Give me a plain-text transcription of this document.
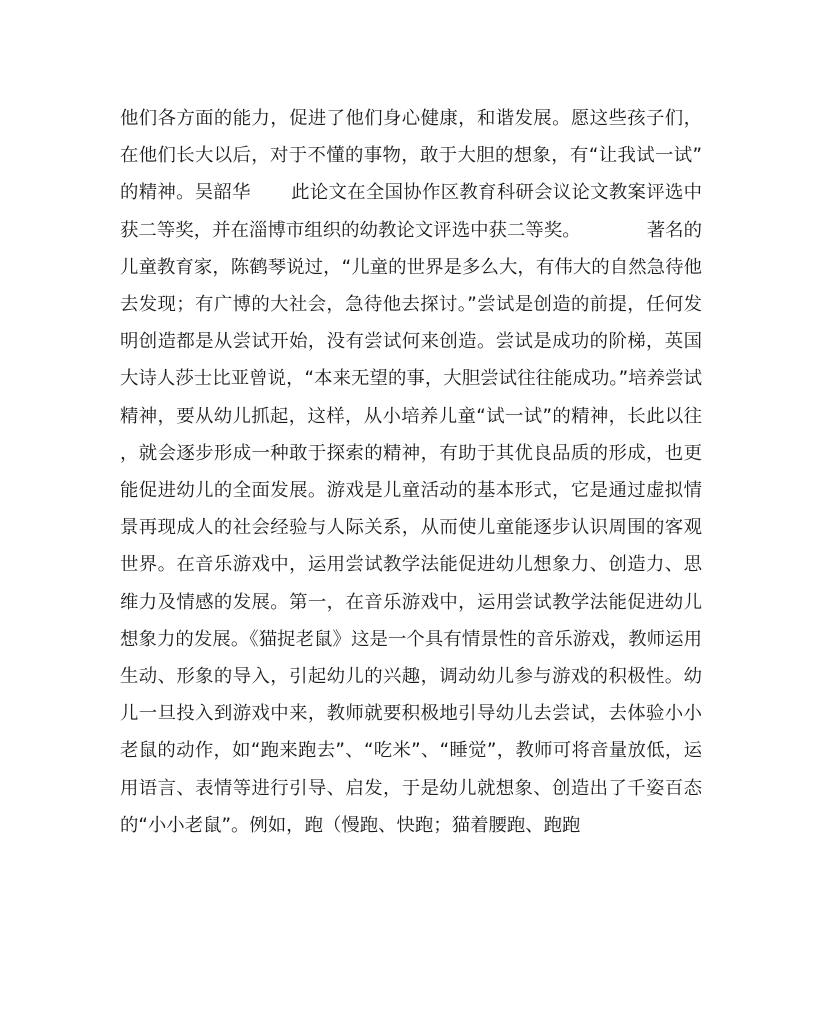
他们各方面的能力，促进了他们身心健康，和谐发展。愿这些孩子们，在他们长大以后，对于不懂的事物，敢于大胆的想象，有“让我试一试”的精神。吴韶华 此论文在全国协作区教育科研会议论文教案评选中获二等奖，并在淄博市组织的幼教论文评选中获二等奖。	著名的儿童教育家，陈鹤琴说过，“儿童的世界是多么大，有伟大的自然急待他去发现；有广博的大社会，急待他去探讨。”尝试是创造的前提，任何发明创造都是从尝试开始，没有尝试何来创造。尝试是成功的阶梯，英国大诗人莎士比亚曾说，“本来无望的事，大胆尝试往往能成功。”培养尝试精神，要从幼儿抓起，这样，从小培养儿童“试一试”的精神，长此以往，就会逐步形成一种敢于探索的精神，有助于其优良品质的形成，也更能促进幼儿的全面发展。游戏是儿童活动的基本形式，它是通过虚拟情景再现成人的社会经验与人际关系，从而使儿童能逐步认识周围的客观世界。在音乐游戏中，运用尝试教学法能促进幼儿想象力、创造力、思维力及情感的发展。第一，在音乐游戏中，运用尝试教学法能促进幼儿想象力的发展。《猫捉老鼠》这是一个具有情景性的音乐游戏，教师运用生动、形象的导入，引起幼儿的兴趣，调动幼儿参与游戏的积极性。幼儿一旦投入到游戏中来，教师就要积极地引导幼儿去尝试，去体验小小老鼠的动作，如“跑来跑去”、“吃米”、“睡觉”，教师可将音量放低，运用语言、表情等进行引导、启发，于是幼儿就想象、创造出了千姿百态的“小小老鼠”。例如，跑（慢跑、快跑；猫着腰跑、跑跑
